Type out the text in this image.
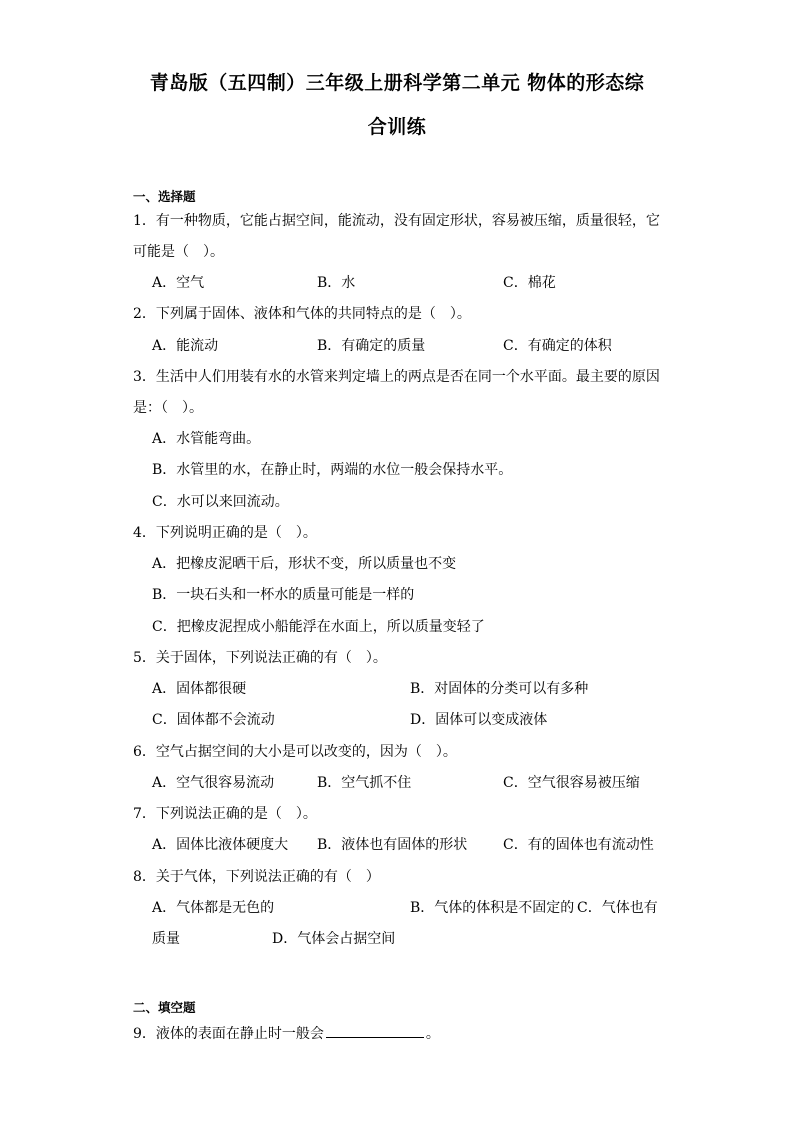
青岛版（五四制）三年级上册科学第二单元 物体的形态综
合训练
一、选择题
1．有一种物质，它能占据空间，能流动，没有固定形状，容易被压缩，质量很轻，它
可能是（　）。
A．空气	B．水	C．棉花
2．下列属于固体、液体和气体的共同特点的是（　）。
A．能流动	B．有确定的质量	C．有确定的体积
3．生活中人们用装有水的水管来判定墙上的两点是否在同一个水平面。最主要的原因
是：（　）。
A．水管能弯曲。
B．水管里的水，在静止时，两端的水位一般会保持水平。
C．水可以来回流动。
4．下列说明正确的是（　）。
A．把橡皮泥晒干后，形状不变，所以质量也不变
B．一块石头和一杯水的质量可能是一样的
C．把橡皮泥捏成小船能浮在水面上，所以质量变轻了
5．关于固体，下列说法正确的有（　）。
A．固体都很硬	B．对固体的分类可以有多种
C．固体都不会流动	D．固体可以变成液体
6．空气占据空间的大小是可以改变的，因为（　）。
A．空气很容易流动	B．空气抓不住	C．空气很容易被压缩
7．下列说法正确的是（　）。
A．固体比液体硬度大 B．液体也有固体的形状	C．有的固体也有流动性
8．关于气体，下列说法正确的有（　）
A．气体都是无色的	B．气体的体积是不固定的 C．气体也有
质量	D．气体会占据空间
二、填空题
9．液体的表面在静止时一般会	。
